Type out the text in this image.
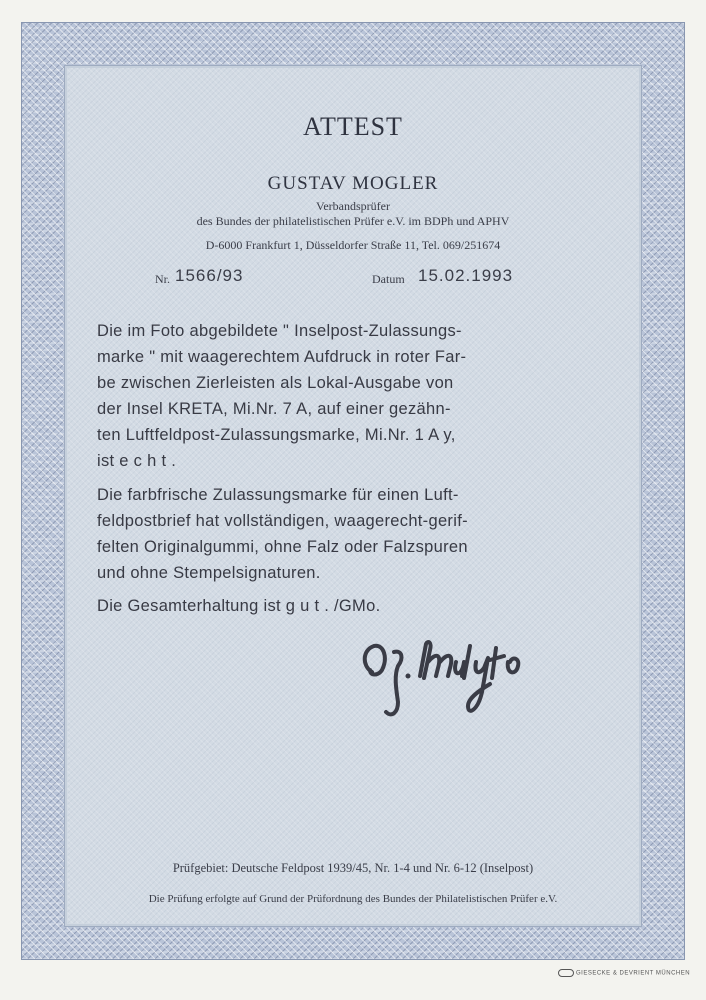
ATTEST
GUSTAV MOGLER
Verbandsprüfer
des Bundes der philatelistischen Prüfer e.V. im BDPh und APHV
D-6000 Frankfurt 1, Düsseldorfer Straße 11, Tel. 069/251674
Nr. 1566/93	Datum 15.02.1993
Die im Foto abgebildete " Inselpost-Zulassungs-
marke " mit waagerechtem Aufdruck in roter Far-
be zwischen Zierleisten als Lokal-Ausgabe von
der Insel KRETA, Mi.Nr. 7 A, auf einer gezähn-
ten Luftfeldpost-Zulassungsmarke, Mi.Nr. 1 A y,
ist e c h t .
Die farbfrische Zulassungsmarke für einen Luft-
feldpostbrief hat vollständigen, waagerecht-gerif-
felten Originalgummi, ohne Falz oder Falzspuren
und ohne Stempelsignaturen.
Die Gesamterhaltung ist g u t . /GMo.
Prüfgebiet: Deutsche Feldpost 1939/45, Nr. 1-4 und Nr. 6-12 (Inselpost)
Die Prüfung erfolgte auf Grund der Prüfordnung des Bundes der Philatelistischen Prüfer e.V.
GIESECKE & DEVRIENT MÜNCHEN
